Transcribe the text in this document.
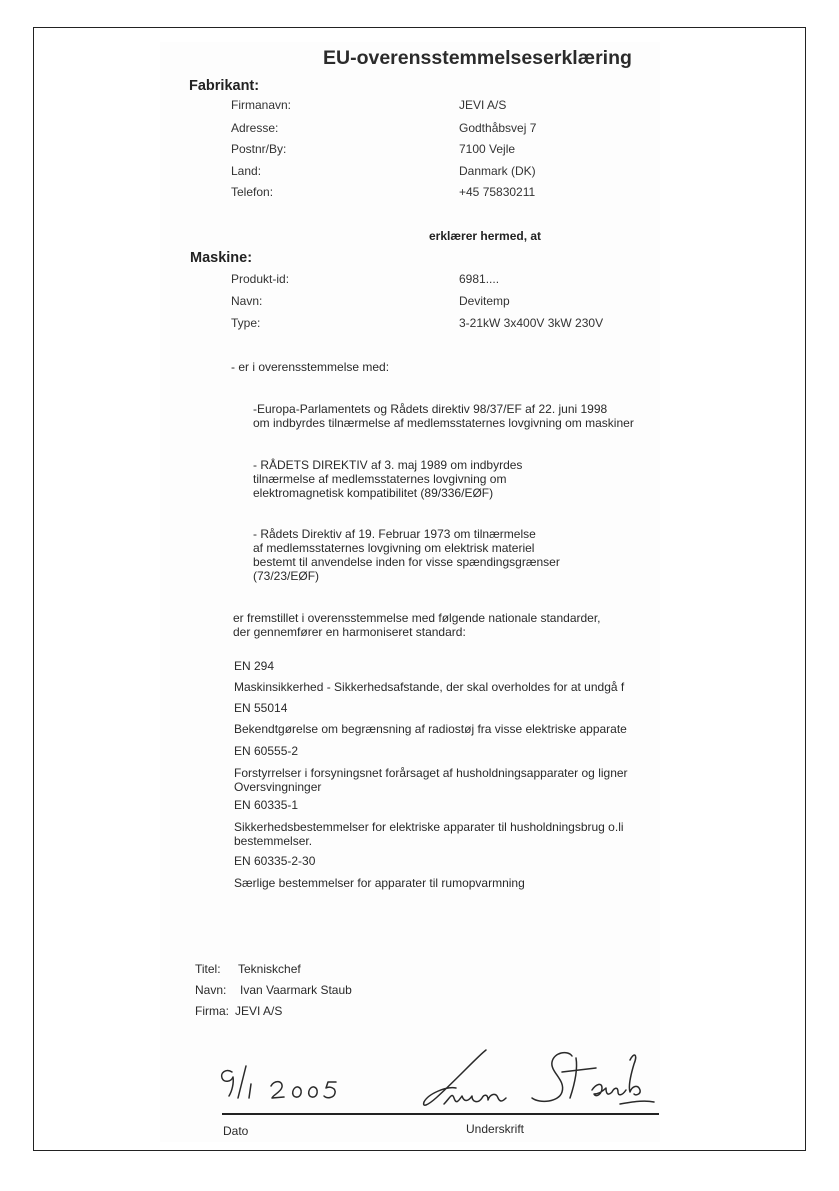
EU-overensstemmelseserklæring
Fabrikant:
Firmanavn:	JEVI A/S
Adresse:	Godthåbsvej 7
Postnr/By:	7100 Vejle
Land:	Danmark (DK)
Telefon:	+45 75830211
erklærer hermed, at
Maskine:
Produkt-id:	6981....
Navn:	Devitemp
Type:	3-21kW 3x400V 3kW 230V
- er i overensstemmelse med:
-Europa-Parlamentets og Rådets direktiv 98/37/EF af 22. juni 1998
om indbyrdes tilnærmelse af medlemsstaternes lovgivning om maskiner
- RÅDETS DIREKTIV af 3. maj 1989 om indbyrdes
tilnærmelse af medlemsstaternes lovgivning om
elektromagnetisk kompatibilitet (89/336/EØF)
- Rådets Direktiv af 19. Februar 1973 om tilnærmelse
af medlemsstaternes lovgivning om elektrisk materiel
bestemt til anvendelse inden for visse spændingsgrænser
(73/23/EØF)
er fremstillet i overensstemmelse med følgende nationale standarder,
der gennemfører en harmoniseret standard:
EN 294
Maskinsikkerhed - Sikkerhedsafstande, der skal overholdes for at undgå f
EN 55014
Bekendtgørelse om begrænsning af radiostøj fra visse elektriske apparate
EN 60555-2
Forstyrrelser i forsyningsnet forårsaget af husholdningsapparater og ligner
Oversvingninger
EN 60335-1
Sikkerhedsbestemmelser for elektriske apparater til husholdningsbrug o.li
bestemmelser.
EN 60335-2-30
Særlige bestemmelser for apparater til rumopvarmning
Titel: Tekniskchef
Navn: Ivan Vaarmark Staub
Firma: JEVI A/S
Dato	Underskrift
